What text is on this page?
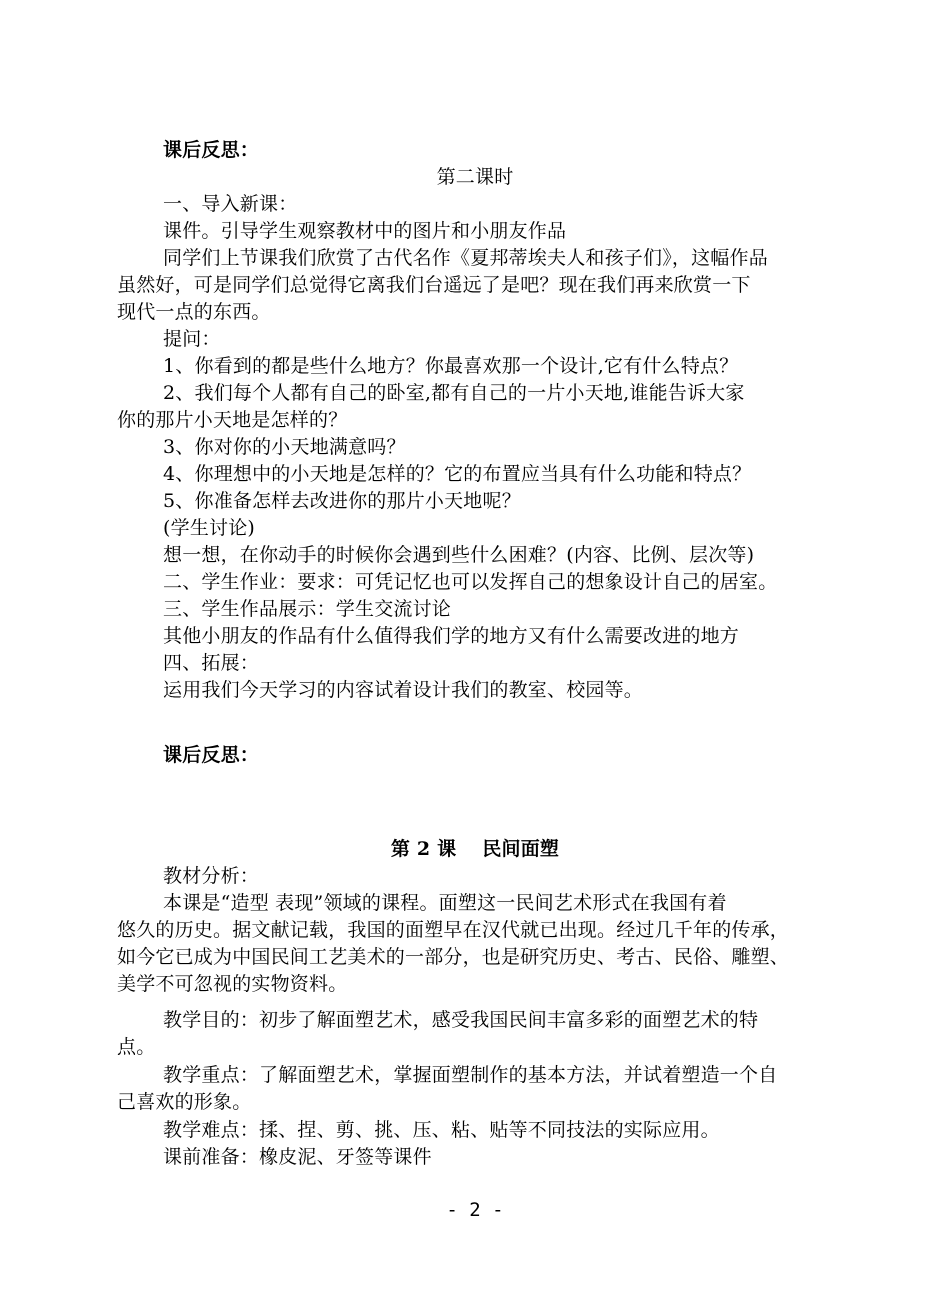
课后反思：
第二课时
一、导入新课：
课件。引导学生观察教材中的图片和小朋友作品
同学们上节课我们欣赏了古代名作《夏邦蒂埃夫人和孩子们》，这幅作品
虽然好，可是同学们总觉得它离我们台遥远了是吧？现在我们再来欣赏一下
现代一点的东西。
提问：
1、你看到的都是些什么地方？你最喜欢那一个设计,它有什么特点？
2、我们每个人都有自己的卧室,都有自己的一片小天地,谁能告诉大家
你的那片小天地是怎样的？
3、你对你的小天地满意吗？
4、你理想中的小天地是怎样的？它的布置应当具有什么功能和特点？
5、你准备怎样去改进你的那片小天地呢？
(学生讨论)
想一想，在你动手的时候你会遇到些什么困难？(内容、比例、层次等)
二、学生作业：要求：可凭记忆也可以发挥自己的想象设计自己的居室。
三、学生作品展示：学生交流讨论
其他小朋友的作品有什么值得我们学的地方又有什么需要改进的地方
四、拓展：
运用我们今天学习的内容试着设计我们的教室、校园等。
课后反思：
第 2 课　 民间面塑
教材分析：
本课是“造型 表现”领域的课程。面塑这一民间艺术形式在我国有着
悠久的历史。据文献记载，我国的面塑早在汉代就已出现。经过几千年的传承，
如今它已成为中国民间工艺美术的一部分，也是研究历史、考古、民俗、雕塑、
美学不可忽视的实物资料。
教学目的：初步了解面塑艺术，感受我国民间丰富多彩的面塑艺术的特
点。
教学重点：了解面塑艺术，掌握面塑制作的基本方法，并试着塑造一个自
己喜欢的形象。
教学难点：揉、捏、剪、挑、压、粘、贴等不同技法的实际应用。
课前准备：橡皮泥、牙签等课件
- 2 -
